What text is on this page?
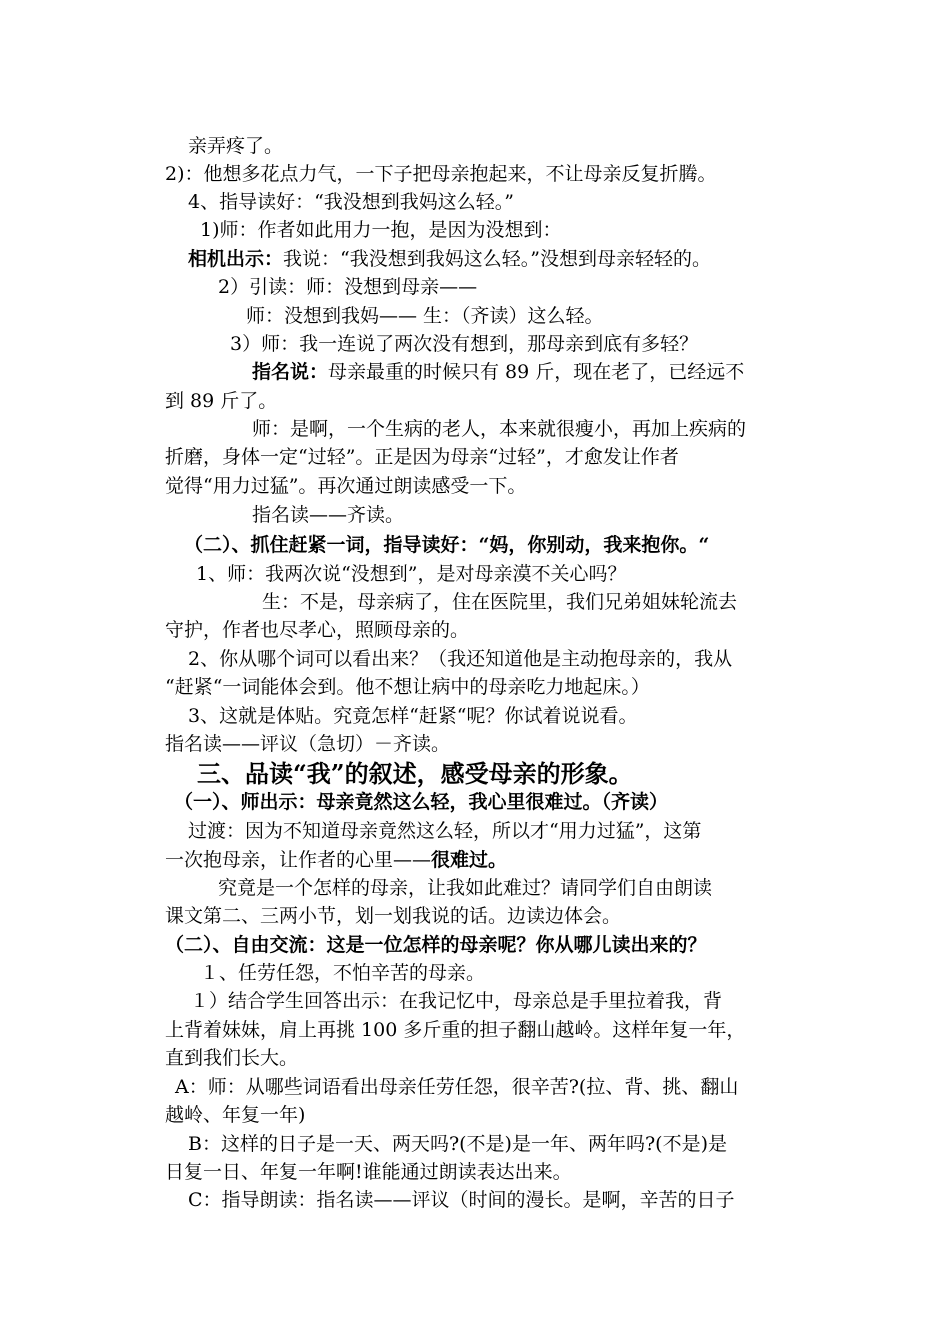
亲弄疼了。
2)：他想多花点力气，一下子把母亲抱起来，不让母亲反复折腾。
4、指导读好：“我没想到我妈这么轻。”
1)师：作者如此用力一抱，是因为没想到：
相机出示：我说：“我没想到我妈这么轻。”没想到母亲轻轻的。
2）引读：师：没想到母亲——
师：没想到我妈—— 生：（齐读）这么轻。
3）师：我一连说了两次没有想到，那母亲到底有多轻？
指名说：母亲最重的时候只有 89 斤，现在老了，已经远不
到 89 斤了。
师：是啊，一个生病的老人，本来就很瘦小，再加上疾病的
折磨，身体一定“过轻”。正是因为母亲“过轻”，才愈发让作者
觉得“用力过猛”。再次通过朗读感受一下。
指名读——齐读。
（二）、抓住赶紧一词，指导读好：“妈，你别动，我来抱你。“
1、师：我两次说“没想到”，是对母亲漠不关心吗？
生：不是，母亲病了，住在医院里，我们兄弟姐妹轮流去
守护，作者也尽孝心，照顾母亲的。
2、你从哪个词可以看出来？（我还知道他是主动抱母亲的，我从
“赶紧“一词能体会到。他不想让病中的母亲吃力地起床。）
3、这就是体贴。究竟怎样“赶紧“呢？你试着说说看。
指名读——评议（急切）－齐读。
三、品读“我”的叙述，感受母亲的形象。
（一）、师出示：母亲竟然这么轻，我心里很难过。（齐读）
过渡：因为不知道母亲竟然这么轻，所以才“用力过猛”，这第
一次抱母亲，让作者的心里——很难过。
究竟是一个怎样的母亲，让我如此难过？请同学们自由朗读
课文第二、三两小节，划一划我说的话。边读边体会。
（二）、自由交流：这是一位怎样的母亲呢？你从哪儿读出来的？
１、任劳任怨，不怕辛苦的母亲。
１）结合学生回答出示：在我记忆中，母亲总是手里拉着我，背
上背着妹妹，肩上再挑 100 多斤重的担子翻山越岭。这样年复一年，
直到我们长大。
A：师：从哪些词语看出母亲任劳任怨，很辛苦?(拉、背、挑、翻山
越岭、年复一年)
B：这样的日子是一天、两天吗?(不是)是一年、两年吗?(不是)是
日复一日、年复一年啊!谁能通过朗读表达出来。
C：指导朗读：指名读——评议（时间的漫长。是啊，辛苦的日子
